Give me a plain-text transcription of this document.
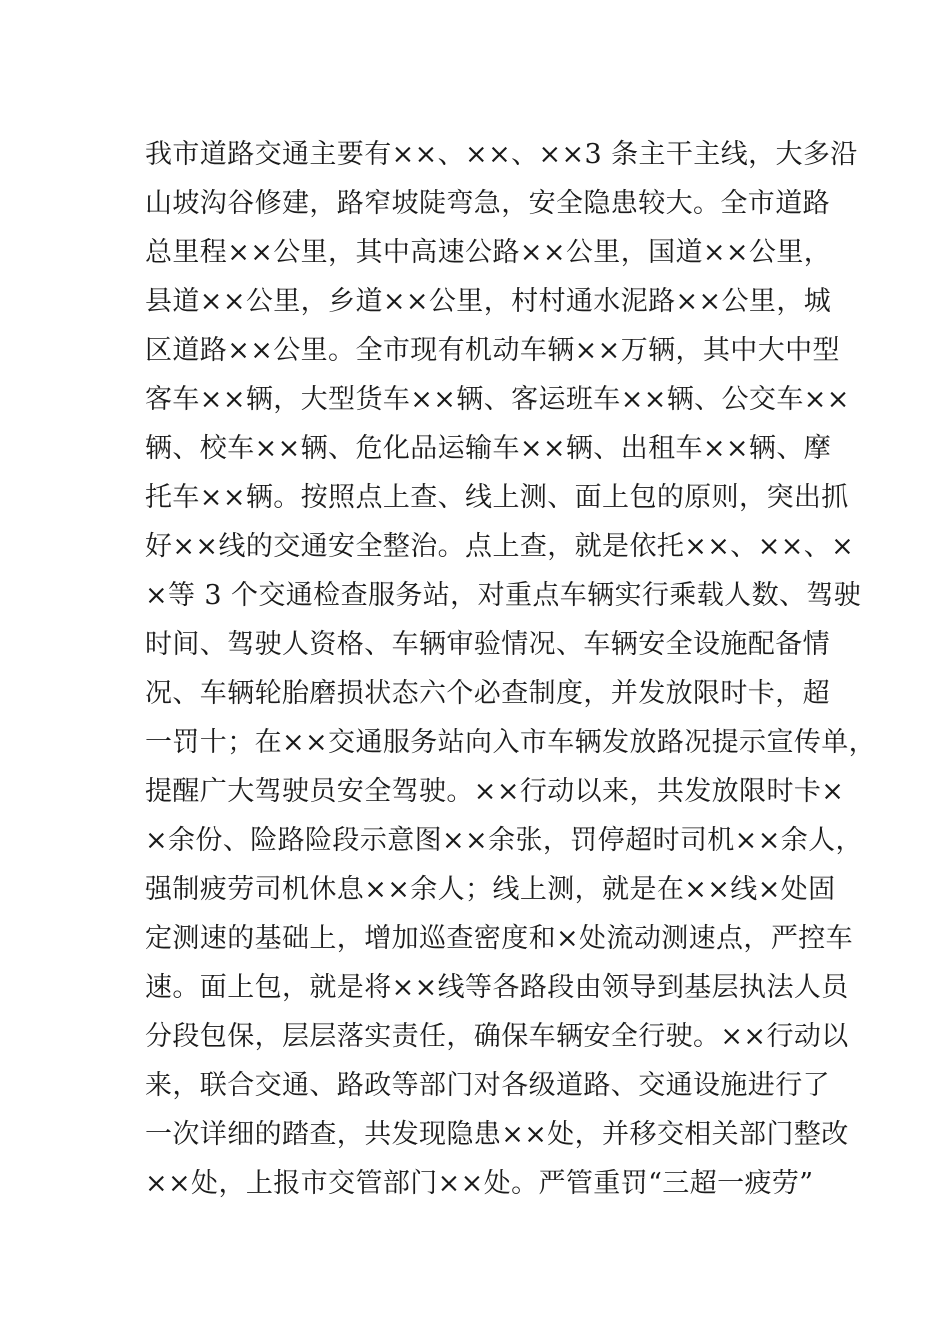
我市道路交通主要有××、××、××3 条主干主线，大多沿
山坡沟谷修建，路窄坡陡弯急，安全隐患较大。全市道路
总里程××公里，其中高速公路××公里，国道××公里，
县道××公里，乡道××公里，村村通水泥路××公里，城
区道路××公里。全市现有机动车辆××万辆，其中大中型
客车××辆，大型货车××辆、客运班车××辆、公交车××
辆、校车××辆、危化品运输车××辆、出租车××辆、摩
托车××辆。按照点上查、线上测、面上包的原则，突出抓
好××线的交通安全整治。点上查，就是依托××、××、×
×等 3 个交通检查服务站，对重点车辆实行乘载人数、驾驶
时间、驾驶人资格、车辆审验情况、车辆安全设施配备情
况、车辆轮胎磨损状态六个必查制度，并发放限时卡，超
一罚十；在××交通服务站向入市车辆发放路况提示宣传单，
提醒广大驾驶员安全驾驶。××行动以来，共发放限时卡×
×余份、险路险段示意图××余张，罚停超时司机××余人，
强制疲劳司机休息××余人；线上测，就是在××线×处固
定测速的基础上，增加巡查密度和×处流动测速点，严控车
速。面上包，就是将××线等各路段由领导到基层执法人员
分段包保，层层落实责任，确保车辆安全行驶。××行动以
来，联合交通、路政等部门对各级道路、交通设施进行了
一次详细的踏查，共发现隐患××处，并移交相关部门整改
××处，上报市交管部门××处。严管重罚“三超一疲劳”
